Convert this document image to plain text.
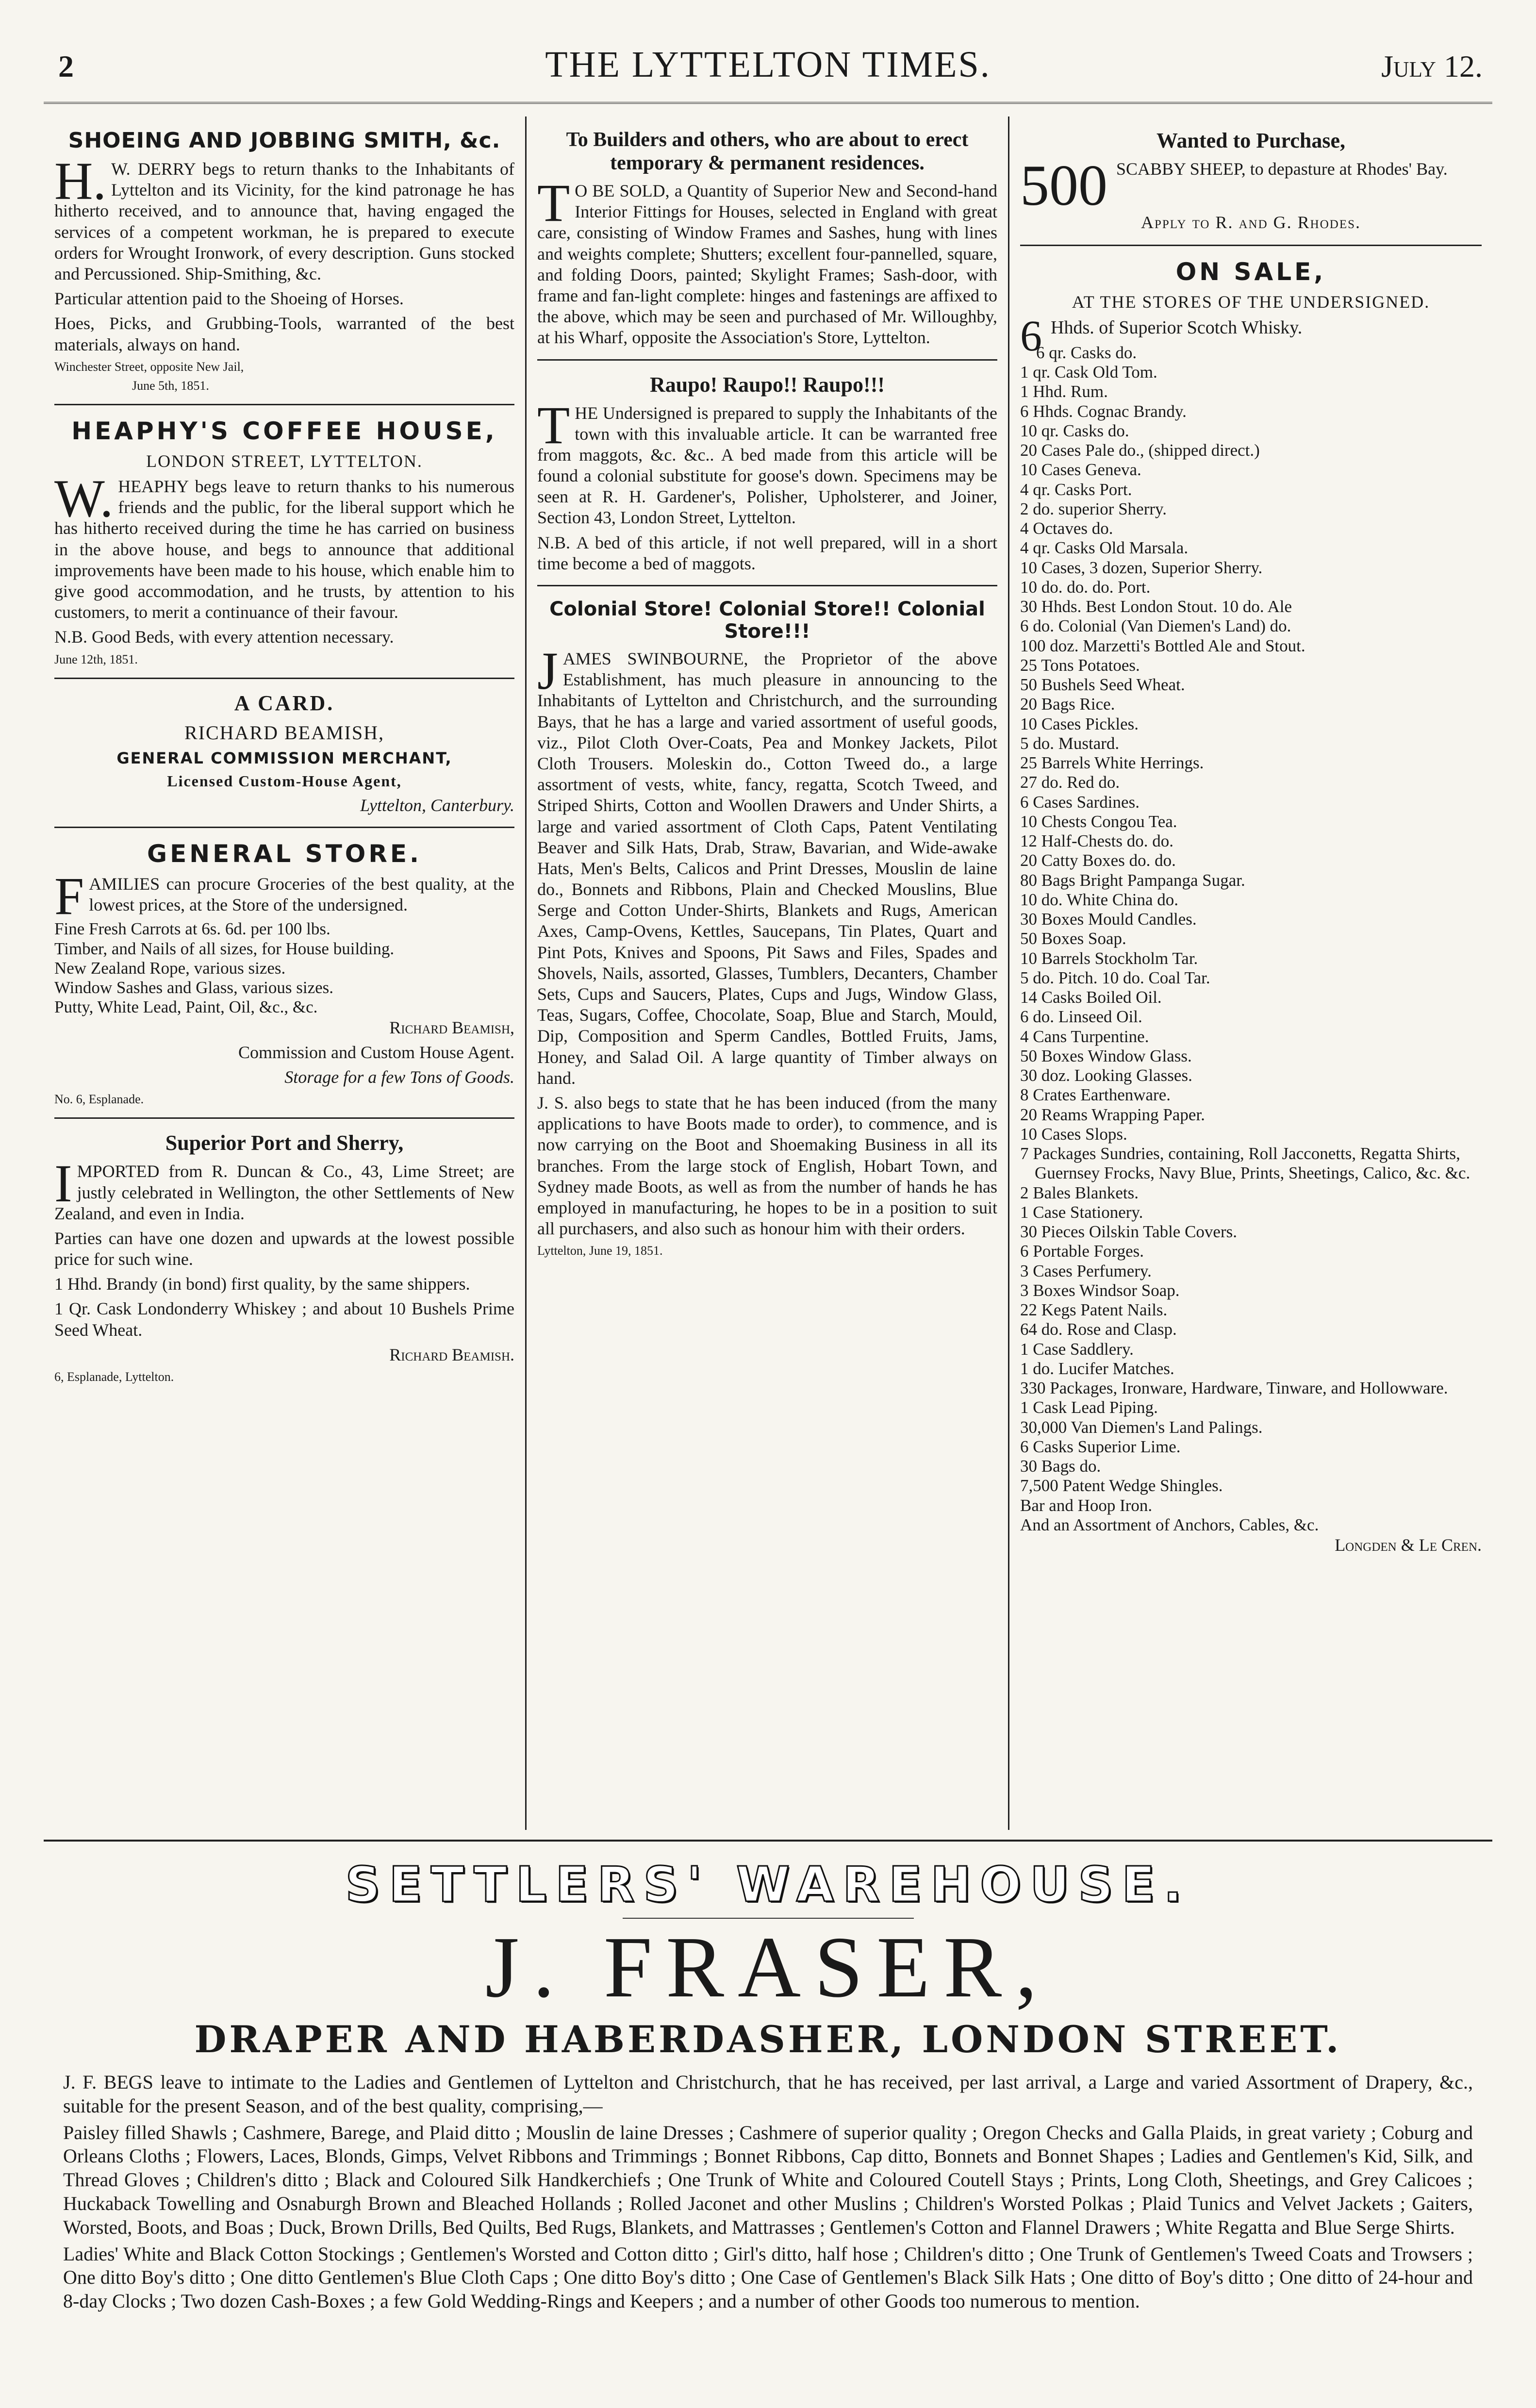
2	THE LYTTELTON TIMES.	July 12.
SHOEING AND JOBBING SMITH, &c.

H.W. DERRY begs to return thanks to the Inhabitants of Lyttelton and its Vicinity, for the kind patronage he has hitherto received, and to announce that, having engaged the services of a competent workman, he is prepared to execute orders for Wrought Ironwork, of every description. Guns stocked and Percussioned. Ship-Smithing, &c.

Particular attention paid to the Shoeing of Horses.

Hoes, Picks, and Grubbing-Tools, warranted of the best materials, always on hand.

Winchester Street, opposite New Jail,

June 5th, 1851.

HEAPHY'S COFFEE HOUSE,
LONDON STREET, LYTTELTON.

W.HEAPHY begs leave to return thanks to his numerous friends and the public, for the liberal support which he has hitherto received during the time he has carried on business in the above house, and begs to announce that additional improvements have been made to his house, which enable him to give good accommodation, and he trusts, by attention to his customers, to merit a continuance of their favour.

N.B. Good Beds, with every attention necessary.

June 12th, 1851.

A CARD.
RICHARD BEAMISH,
GENERAL COMMISSION MERCHANT,
Licensed Custom-House Agent,

Lyttelton, Canterbury.

GENERAL STORE.

FAMILIES can procure Groceries of the best quality, at the lowest prices, at the Store of the undersigned.

Fine Fresh Carrots at 6s. 6d. per 100 lbs.
Timber, and Nails of all sizes, for House building.
New Zealand Rope, various sizes.
Window Sashes and Glass, various sizes.
Putty, White Lead, Paint, Oil, &c., &c.

Richard Beamish,

Commission and Custom House Agent.

Storage for a few Tons of Goods.

No. 6, Esplanade.

Superior Port and Sherry,

IMPORTED from R. Duncan & Co., 43, Lime Street; are justly celebrated in Wellington, the other Settlements of New Zealand, and even in India.

Parties can have one dozen and upwards at the lowest possible price for such wine.

1 Hhd. Brandy (in bond) first quality, by the same shippers.

1 Qr. Cask Londonderry Whiskey ; and about 10 Bushels Prime Seed Wheat.

Richard Beamish.

6, Esplanade, Lyttelton.

To Builders and others, who are about to erect temporary & permanent residences.

TO BE SOLD, a Quantity of Superior New and Second-hand Interior Fittings for Houses, selected in England with great care, consisting of Window Frames and Sashes, hung with lines and weights complete; Shutters; excellent four-pannelled, square, and folding Doors, painted; Skylight Frames; Sash-door, with frame and fan-light complete: hinges and fastenings are affixed to the above, which may be seen and purchased of Mr. Willoughby, at his Wharf, opposite the Association's Store, Lyttelton.

Raupo! Raupo!! Raupo!!!

THE Undersigned is prepared to supply the Inhabitants of the town with this invaluable article. It can be warranted free from maggots, &c. &c.. A bed made from this article will be found a colonial substitute for goose's down. Specimens may be seen at R. H. Gardener's, Polisher, Upholsterer, and Joiner, Section 43, London Street, Lyttelton.

N.B. A bed of this article, if not well prepared, will in a short time become a bed of maggots.

Colonial Store! Colonial Store!! Colonial Store!!!

JAMES SWINBOURNE, the Proprietor of the above Establishment, has much pleasure in announcing to the Inhabitants of Lyttelton and Christchurch, and the surrounding Bays, that he has a large and varied assortment of useful goods, viz., Pilot Cloth Over-Coats, Pea and Monkey Jackets, Pilot Cloth Trousers. Moleskin do., Cotton Tweed do., a large assortment of vests, white, fancy, regatta, Scotch Tweed, and Striped Shirts, Cotton and Woollen Drawers and Under Shirts, a large and varied assortment of Cloth Caps, Patent Ventilating Beaver and Silk Hats, Drab, Straw, Bavarian, and Wide-awake Hats, Men's Belts, Calicos and Print Dresses, Mouslin de laine do., Bonnets and Ribbons, Plain and Checked Mouslins, Blue Serge and Cotton Under-Shirts, Blankets and Rugs, American Axes, Camp-Ovens, Kettles, Saucepans, Tin Plates, Quart and Pint Pots, Knives and Spoons, Pit Saws and Files, Spades and Shovels, Nails, assorted, Glasses, Tumblers, Decanters, Chamber Sets, Cups and Saucers, Plates, Cups and Jugs, Window Glass, Teas, Sugars, Coffee, Chocolate, Soap, Blue and Starch, Mould, Dip, Composition and Sperm Candles, Bottled Fruits, Jams, Honey, and Salad Oil. A large quantity of Timber always on hand.

J. S. also begs to state that he has been induced (from the many applications to have Boots made to order), to commence, and is now carrying on the Boot and Shoemaking Business in all its branches. From the large stock of English, Hobart Town, and Sydney made Boots, as well as from the number of hands he has employed in manufacturing, he hopes to be in a position to suit all purchasers, and also such as honour him with their orders.

Lyttelton, June 19, 1851.

Wanted to Purchase,
500 SCABBY SHEEP, to depasture at Rhodes' Bay.

Apply to R. and G. Rhodes.

ON SALE,
AT THE STORES OF THE UNDERSIGNED.
6 Hhds. of Superior Scotch Whisky.

6 qr. Casks do.
1 qr. Cask Old Tom.
1 Hhd. Rum.
6 Hhds. Cognac Brandy.
10 qr. Casks do.
20 Cases Pale do., (shipped direct.)
10 Cases Geneva.
4 qr. Casks Port.
2 do. superior Sherry.
4 Octaves do.
4 qr. Casks Old Marsala.
10 Cases, 3 dozen, Superior Sherry.
10 do. do. do. Port.
30 Hhds. Best London Stout. 10 do. Ale
6 do. Colonial (Van Diemen's Land) do.
100 doz. Marzetti's Bottled Ale and Stout.
25 Tons Potatoes.
50 Bushels Seed Wheat.
20 Bags Rice.
10 Cases Pickles.
5 do. Mustard.
25 Barrels White Herrings.
27 do. Red do.
6 Cases Sardines.
10 Chests Congou Tea.
12 Half-Chests do. do.
20 Catty Boxes do. do.
80 Bags Bright Pampanga Sugar.
10 do. White China do.
30 Boxes Mould Candles.
50 Boxes Soap.
10 Barrels Stockholm Tar.
5 do. Pitch. 10 do. Coal Tar.
14 Casks Boiled Oil.
6 do. Linseed Oil.
4 Cans Turpentine.
50 Boxes Window Glass.
30 doz. Looking Glasses.
8 Crates Earthenware.
20 Reams Wrapping Paper.
10 Cases Slops.
7 Packages Sundries, containing, Roll Jacconetts, Regatta Shirts, Guernsey Frocks, Navy Blue, Prints, Sheetings, Calico, &c. &c.
2 Bales Blankets.
1 Case Stationery.
30 Pieces Oilskin Table Covers.
6 Portable Forges.
3 Cases Perfumery.
3 Boxes Windsor Soap.
22 Kegs Patent Nails.
64 do. Rose and Clasp.
1 Case Saddlery.
1 do. Lucifer Matches.
330 Packages, Ironware, Hardware, Tinware, and Hollowware.
1 Cask Lead Piping.
30,000 Van Diemen's Land Palings.
6 Casks Superior Lime.
30 Bags do.
7,500 Patent Wedge Shingles.
Bar and Hoop Iron.
And an Assortment of Anchors, Cables, &c.

Longden & Le Cren.

SETTLERS' WAREHOUSE.
J. FRASER,
DRAPER AND HABERDASHER, LONDON STREET.

J. F. BEGS leave to intimate to the Ladies and Gentlemen of Lyttelton and Christchurch, that he has received, per last arrival, a Large and varied Assortment of Drapery, &c., suitable for the present Season, and of the best quality, comprising,—

Paisley filled Shawls ; Cashmere, Barege, and Plaid ditto ; Mouslin de laine Dresses ; Cashmere of superior quality ; Oregon Checks and Galla Plaids, in great variety ; Coburg and Orleans Cloths ; Flowers, Laces, Blonds, Gimps, Velvet Ribbons and Trimmings ; Bonnet Ribbons, Cap ditto, Bonnets and Bonnet Shapes ; Ladies and Gentlemen's Kid, Silk, and Thread Gloves ; Children's ditto ; Black and Coloured Silk Handkerchiefs ; One Trunk of White and Coloured Coutell Stays ; Prints, Long Cloth, Sheetings, and Grey Calicoes ; Huckaback Towelling and Osnaburgh Brown and Bleached Hollands ; Rolled Jaconet and other Muslins ; Children's Worsted Polkas ; Plaid Tunics and Velvet Jackets ; Gaiters, Worsted, Boots, and Boas ; Duck, Brown Drills, Bed Quilts, Bed Rugs, Blankets, and Mattrasses ; Gentlemen's Cotton and Flannel Drawers ; White Regatta and Blue Serge Shirts.

Ladies' White and Black Cotton Stockings ; Gentlemen's Worsted and Cotton ditto ; Girl's ditto, half hose ; Children's ditto ; One Trunk of Gentlemen's Tweed Coats and Trowsers ; One ditto Boy's ditto ; One ditto Gentlemen's Blue Cloth Caps ; One ditto Boy's ditto ; One Case of Gentlemen's Black Silk Hats ; One ditto of Boy's ditto ; One ditto of 24-hour and 8-day Clocks ; Two dozen Cash-Boxes ; a few Gold Wedding-Rings and Keepers ; and a number of other Goods too numerous to mention.
